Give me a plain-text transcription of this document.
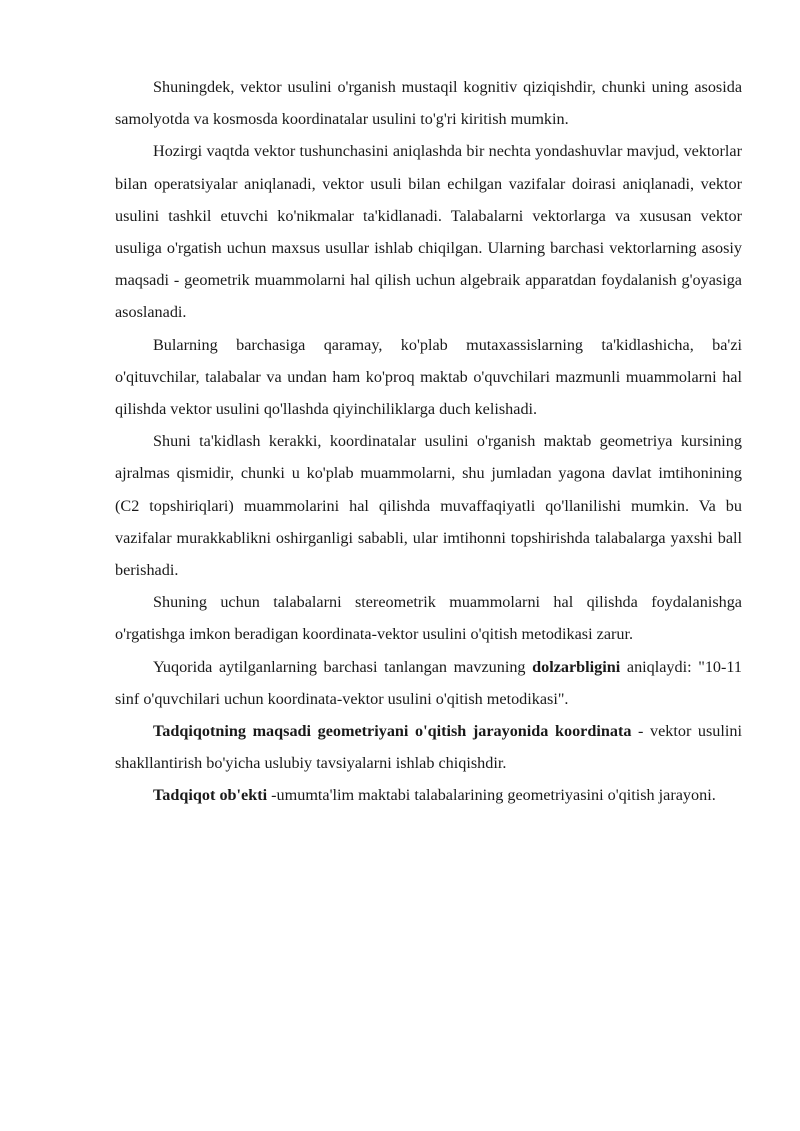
Shuningdek, vektor usulini o'rganish mustaqil kognitiv qiziqishdir, chunki uning asosida samolyotda va kosmosda koordinatalar usulini to'g'ri kiritish mumkin.

Hozirgi vaqtda vektor tushunchasini aniqlashda bir nechta yondashuvlar mavjud, vektorlar bilan operatsiyalar aniqlanadi, vektor usuli bilan echilgan vazifalar doirasi aniqlanadi, vektor usulini tashkil etuvchi ko'nikmalar ta'kidlanadi. Talabalarni vektorlarga va xususan vektor usuliga o'rgatish uchun maxsus usullar ishlab chiqilgan. Ularning barchasi vektorlarning asosiy maqsadi - geometrik muammolarni hal qilish uchun algebraik apparatdan foydalanish g'oyasiga asoslanadi.

Bularning barchasiga qaramay, ko'plab mutaxassislarning ta'kidlashicha, ba'zi o'qituvchilar, talabalar va undan ham ko'proq maktab o'quvchilari mazmunli muammolarni hal qilishda vektor usulini qo'llashda qiyinchiliklarga duch kelishadi.

Shuni ta'kidlash kerakki, koordinatalar usulini o'rganish maktab geometriya kursining ajralmas qismidir, chunki u ko'plab muammolarni, shu jumladan yagona davlat imtihonining (C2 topshiriqlari) muammolarini hal qilishda muvaffaqiyatli qo'llanilishi mumkin. Va bu vazifalar murakkablikni oshirganligi sababli, ular imtihonni topshirishda talabalarga yaxshi ball berishadi.

Shuning uchun talabalarni stereometrik muammolarni hal qilishda foydalanishga o'rgatishga imkon beradigan koordinata-vektor usulini o'qitish metodikasi zarur.

Yuqorida aytilganlarning barchasi tanlangan mavzuning dolzarbligini aniqlaydi: "10-11 sinf o'quvchilari uchun koordinata-vektor usulini o'qitish metodikasi".

Tadqiqotning maqsadi geometriyani o'qitish jarayonida koordinata - vektor usulini shakllantirish bo'yicha uslubiy tavsiyalarni ishlab chiqishdir.

Tadqiqot ob'ekti -umumta'lim maktabi talabalarining geometriyasini o'qitish jarayoni.
